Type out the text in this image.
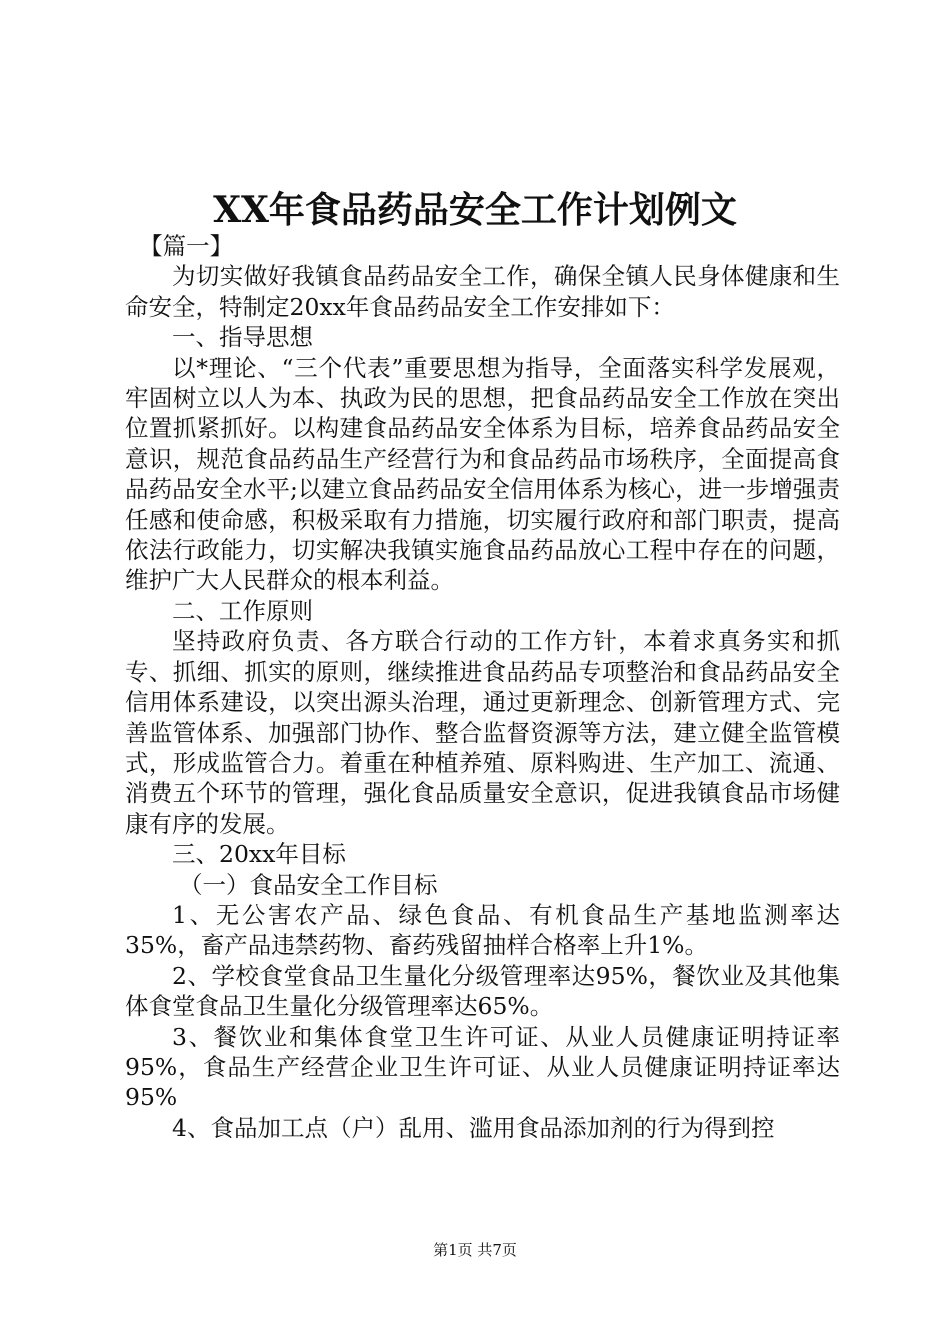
XX年食品药品安全工作计划例文

【篇一】

为切实做好我镇食品药品安全工作，确保全镇人民身体健康和生命安全，特制定20xx年食品药品安全工作安排如下：

一、指导思想

以*理论、“三个代表”重要思想为指导，全面落实科学发展观，牢固树立以人为本、执政为民的思想，把食品药品安全工作放在突出位置抓紧抓好。以构建食品药品安全体系为目标，培养食品药品安全意识，规范食品药品生产经营行为和食品药品市场秩序，全面提高食品药品安全水平;以建立食品药品安全信用体系为核心，进一步增强责任感和使命感，积极采取有力措施，切实履行政府和部门职责，提高依法行政能力，切实解决我镇实施食品药品放心工程中存在的问题，维护广大人民群众的根本利益。

二、工作原则

坚持政府负责、各方联合行动的工作方针，本着求真务实和抓专、抓细、抓实的原则，继续推进食品药品专项整治和食品药品安全信用体系建设，以突出源头治理，通过更新理念、创新管理方式、完善监管体系、加强部门协作、整合监督资源等方法，建立健全监管模式，形成监管合力。着重在种植养殖、原料购进、生产加工、流通、消费五个环节的管理，强化食品质量安全意识，促进我镇食品市场健康有序的发展。

三、20xx年目标

（一）食品安全工作目标

1、无公害农产品、绿色食品、有机食品生产基地监测率达35%，畜产品违禁药物、畜药残留抽样合格率上升1%。

2、学校食堂食品卫生量化分级管理率达95%，餐饮业及其他集体食堂食品卫生量化分级管理率达65%。

3、餐饮业和集体食堂卫生许可证、从业人员健康证明持证率95%，食品生产经营企业卫生许可证、从业人员健康证明持证率达95%

4、食品加工点（户）乱用、滥用食品添加剂的行为得到控

第1页 共7页
